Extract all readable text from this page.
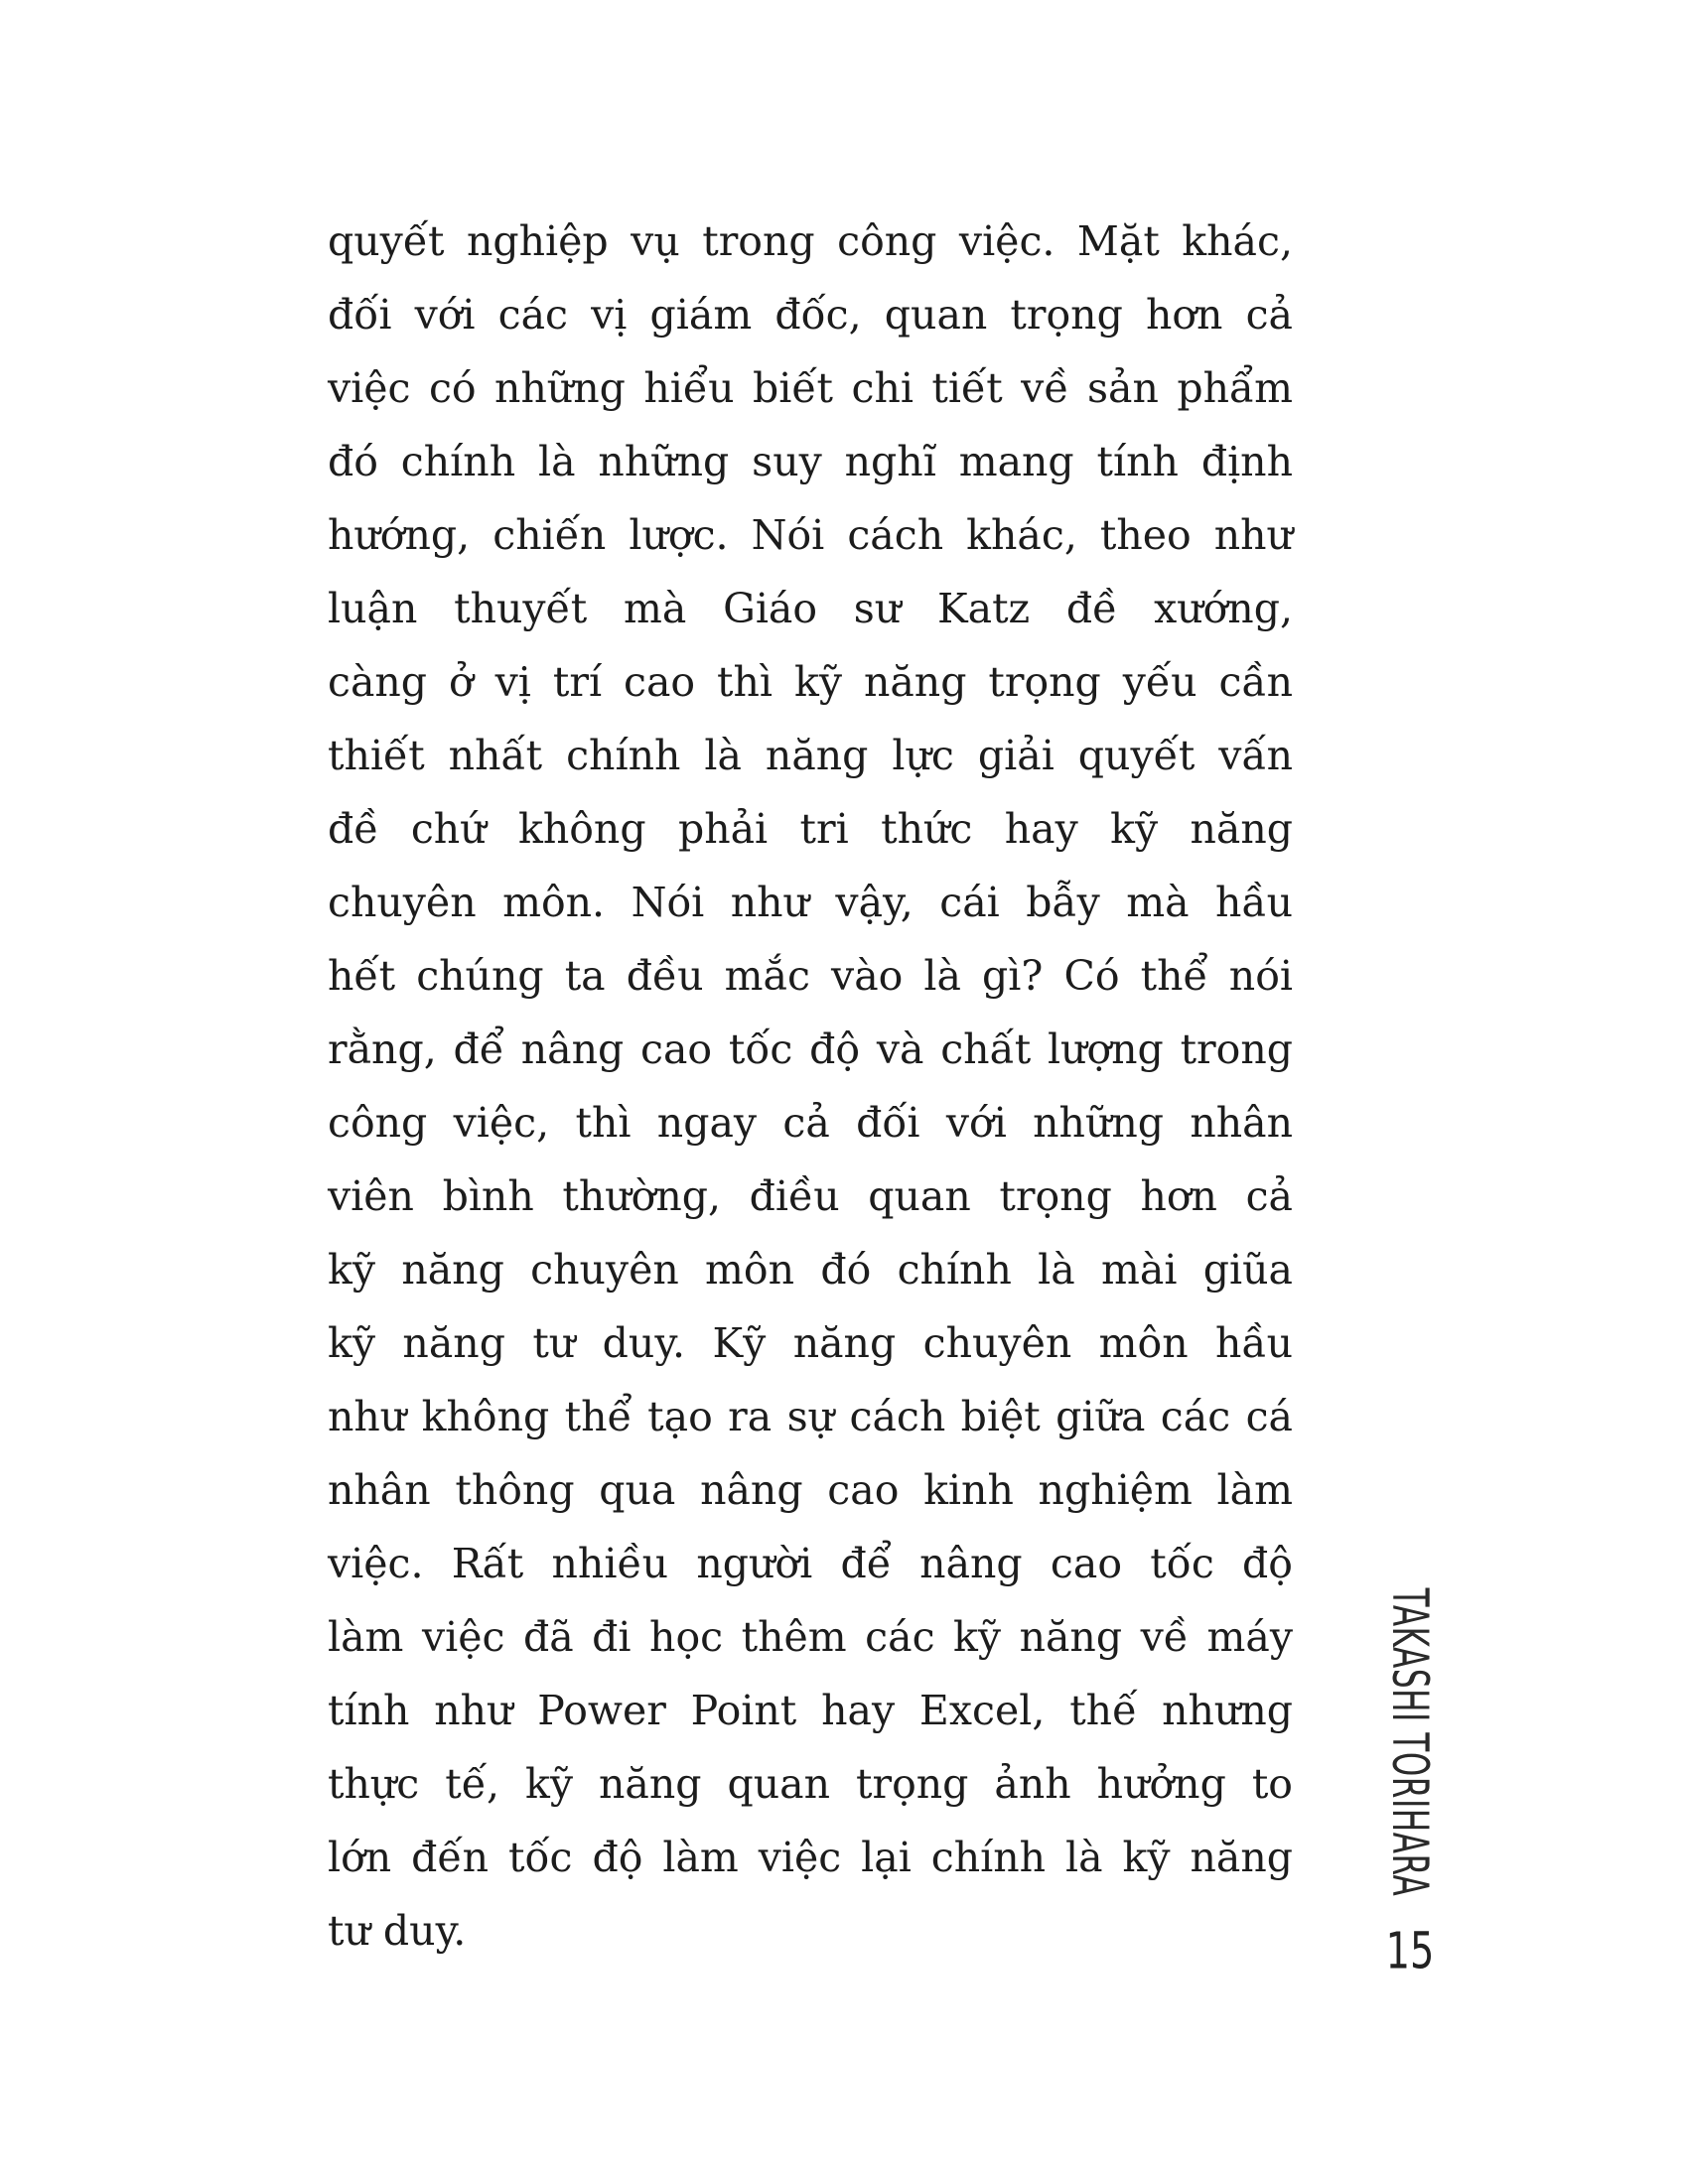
quyết nghiệp vụ trong công việc. Mặt khác,
đối với các vị giám đốc, quan trọng hơn cả
việc có những hiểu biết chi tiết về sản phẩm
đó chính là những suy nghĩ mang tính định
hướng, chiến lược. Nói cách khác, theo như
luận thuyết mà Giáo sư Katz đề xướng,
càng ở vị trí cao thì kỹ năng trọng yếu cần
thiết nhất chính là năng lực giải quyết vấn
đề chứ không phải tri thức hay kỹ năng
chuyên môn. Nói như vậy, cái bẫy mà hầu
hết chúng ta đều mắc vào là gì? Có thể nói
rằng, để nâng cao tốc độ và chất lượng trong
công việc, thì ngay cả đối với những nhân
viên bình thường, điều quan trọng hơn cả
kỹ năng chuyên môn đó chính là mài giũa
kỹ năng tư duy. Kỹ năng chuyên môn hầu
như không thể tạo ra sự cách biệt giữa các cá
nhân thông qua nâng cao kinh nghiệm làm
việc. Rất nhiều người để nâng cao tốc độ
làm việc đã đi học thêm các kỹ năng về máy
tính như Power Point hay Excel, thế nhưng
thực tế, kỹ năng quan trọng ảnh hưởng to
lớn đến tốc độ làm việc lại chính là kỹ năng
tư duy.
TAKASHI TORIHARA
15
